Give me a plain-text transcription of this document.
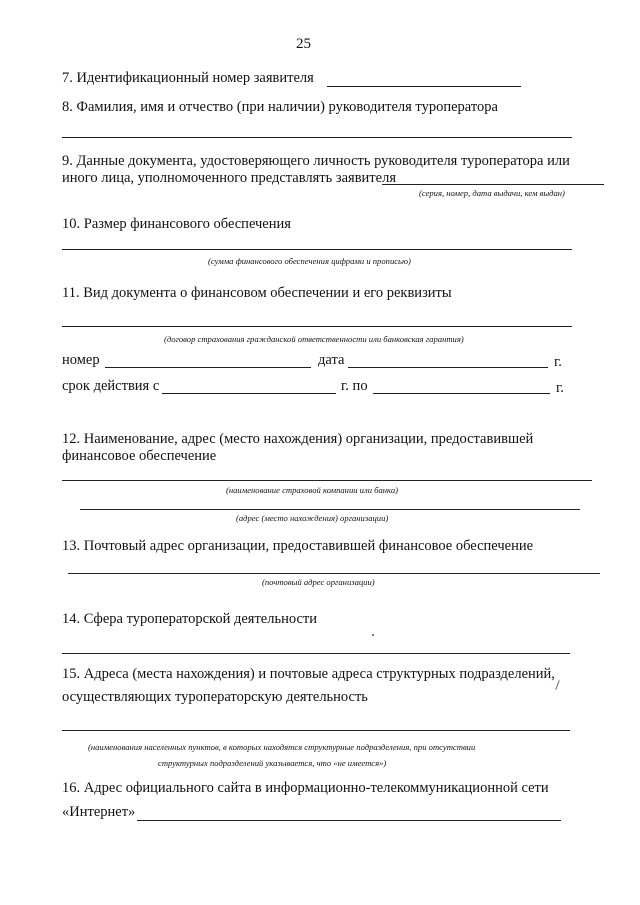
25
7. Идентификационный номер заявителя
8. Фамилия, имя и отчество (при наличии) руководителя туроператора
9. Данные документа, удостоверяющего личность руководителя туроператора или
иного лица, уполномоченного представлять заявителя
(серия, номер, дата выдачи, кем выдан)
10. Размер финансового обеспечения
(сумма финансового обеспечения цифрами и прописью)
11. Вид документа о финансовом обеспечении и его реквизиты
(договор страхования гражданской ответственности или банковская гарантия)
номер	дата	г.
срок действия с	г. по	г.
12. Наименование, адрес (место нахождения) организации, предоставившей
финансовое обеспечение
(наименование страховой компании или банка)
(адрес (место нахождения) организации)
13. Почтовый адрес организации, предоставившей финансовое обеспечение
(почтовый адрес организации)
14. Сфера туроператорской деятельности
15. Адреса (места нахождения) и почтовые адреса структурных подразделений,
осуществляющих туроператорскую деятельность
(наименования населенных пунктов, в которых находятся структурные подразделения, при отсутствии
структурных подразделений указывается, что «не имеется»)
16. Адрес официального сайта в информационно-телекоммуникационной сети
«Интернет»
